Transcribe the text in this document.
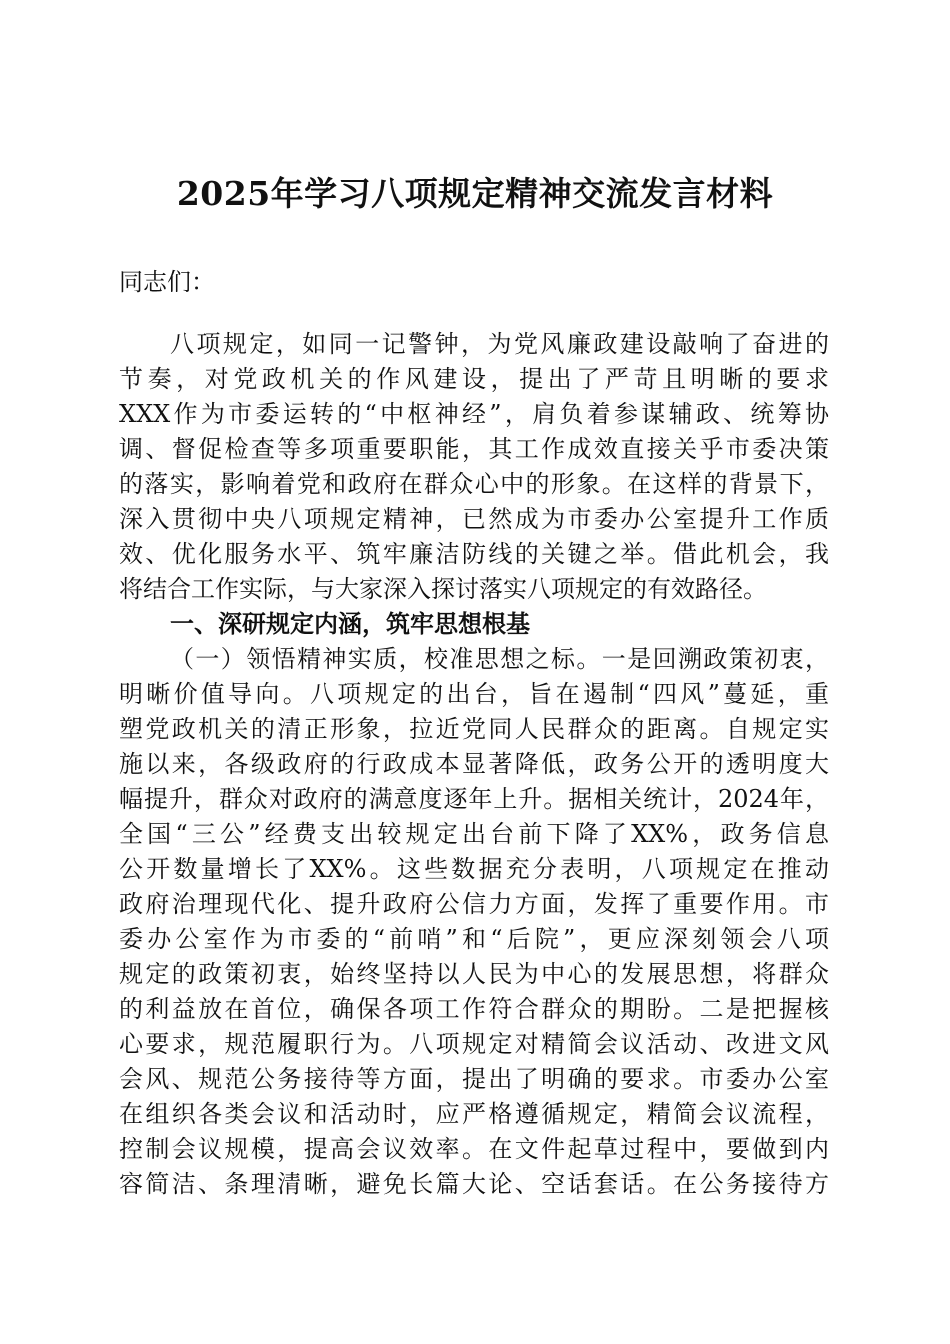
2025年学习八项规定精神交流发言材料

同志们：

八项规定，如同一记警钟，为党风廉政建设敲响了奋进的

节奏，对党政机关的作风建设，提出了严苛且明晰的要求

XXX作为市委运转的“中枢神经”，肩负着参谋辅政、统筹协

调、督促检查等多项重要职能，其工作成效直接关乎市委决策

的落实，影响着党和政府在群众心中的形象。在这样的背景下，

深入贯彻中央八项规定精神，已然成为市委办公室提升工作质

效、优化服务水平、筑牢廉洁防线的关键之举。借此机会，我

将结合工作实际，与大家深入探讨落实八项规定的有效路径。

一、深研规定内涵，筑牢思想根基

（一）领悟精神实质，校准思想之标。一是回溯政策初衷，

明晰价值导向。八项规定的出台，旨在遏制“四风”蔓延，重

塑党政机关的清正形象，拉近党同人民群众的距离。自规定实

施以来，各级政府的行政成本显著降低，政务公开的透明度大

幅提升，群众对政府的满意度逐年上升。据相关统计，2024年，

全国“三公”经费支出较规定出台前下降了XX%，政务信息

公开数量增长了XX%。这些数据充分表明，八项规定在推动

政府治理现代化、提升政府公信力方面，发挥了重要作用。市

委办公室作为市委的“前哨”和“后院”，更应深刻领会八项

规定的政策初衷，始终坚持以人民为中心的发展思想，将群众

的利益放在首位，确保各项工作符合群众的期盼。二是把握核

心要求，规范履职行为。八项规定对精简会议活动、改进文风

会风、规范公务接待等方面，提出了明确的要求。市委办公室

在组织各类会议和活动时，应严格遵循规定，精简会议流程，

控制会议规模，提高会议效率。在文件起草过程中，要做到内

容简洁、条理清晰，避免长篇大论、空话套话。在公务接待方
